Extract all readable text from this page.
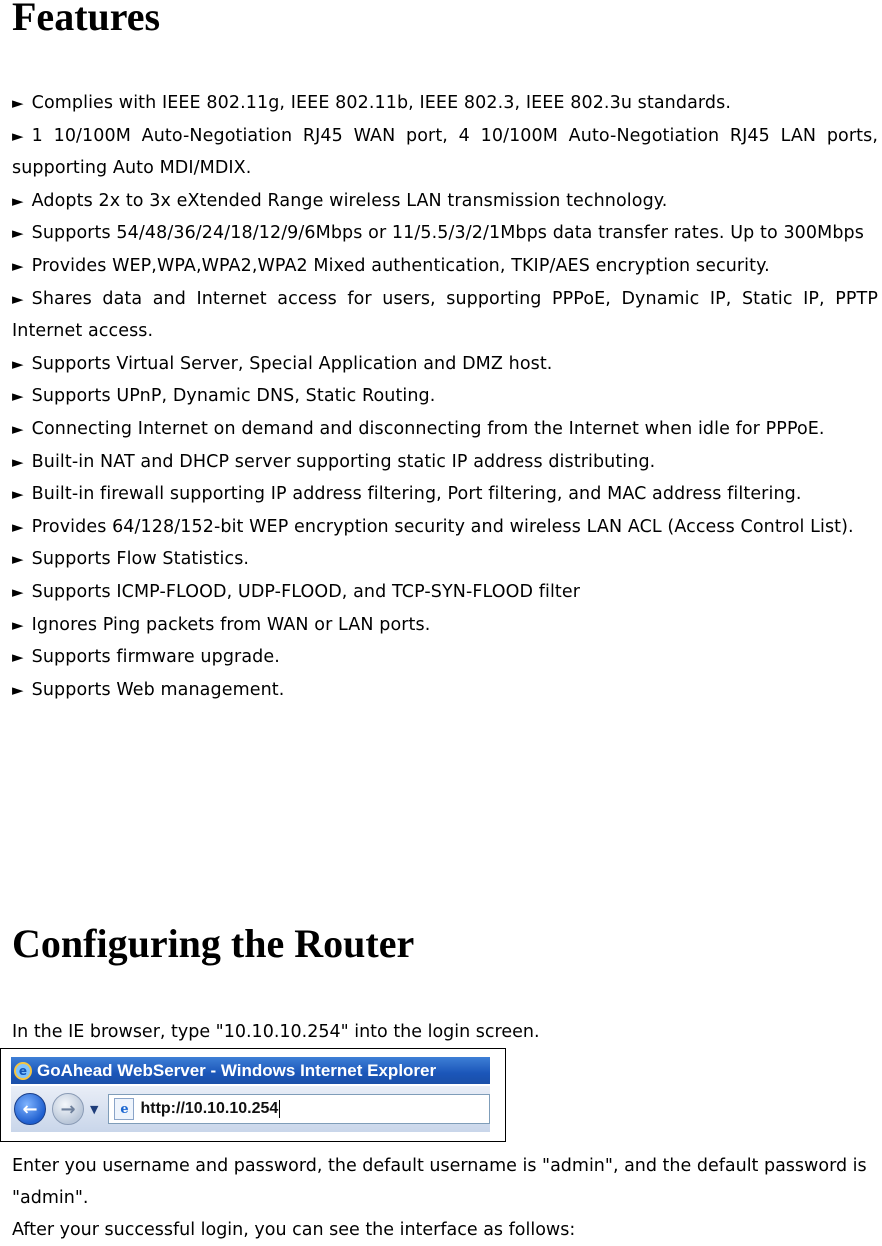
Features

► Complies with IEEE 802.11g, IEEE 802.11b, IEEE 802.3, IEEE 802.3u standards.

► 1 10/100M Auto-Negotiation RJ45 WAN port, 4 10/100M Auto-Negotiation RJ45 LAN ports, supporting Auto MDI/MDIX.

► Adopts 2x to 3x eXtended Range wireless LAN transmission technology.

► Supports 54/48/36/24/18/12/9/6Mbps or 11/5.5/3/2/1Mbps data transfer rates. Up to 300Mbps

► Provides WEP,WPA,WPA2,WPA2 Mixed authentication, TKIP/AES encryption security.

► Shares data and Internet access for users, supporting PPPoE, Dynamic IP, Static IP, PPTP Internet access.

► Supports Virtual Server, Special Application and DMZ host.

► Supports UPnP, Dynamic DNS, Static Routing.

► Connecting Internet on demand and disconnecting from the Internet when idle for PPPoE.

► Built-in NAT and DHCP server supporting static IP address distributing.

► Built-in firewall supporting IP address filtering, Port filtering, and MAC address filtering.

► Provides 64/128/152-bit WEP encryption security and wireless LAN ACL (Access Control List).

► Supports Flow Statistics.

► Supports ICMP-FLOOD, UDP-FLOOD, and TCP-SYN-FLOOD filter

► Ignores Ping packets from WAN or LAN ports.

► Supports firmware upgrade.

► Supports Web management.

Configuring the Router

In the IE browser, type "10.10.10.254" into the login screen.

e GoAhead WebServer - Windows Internet Explorer
←	→	▼	e http://10.10.10.254

Enter you username and password, the default username is "admin", and the default password is "admin".

After your successful login, you can see the interface as follows:
